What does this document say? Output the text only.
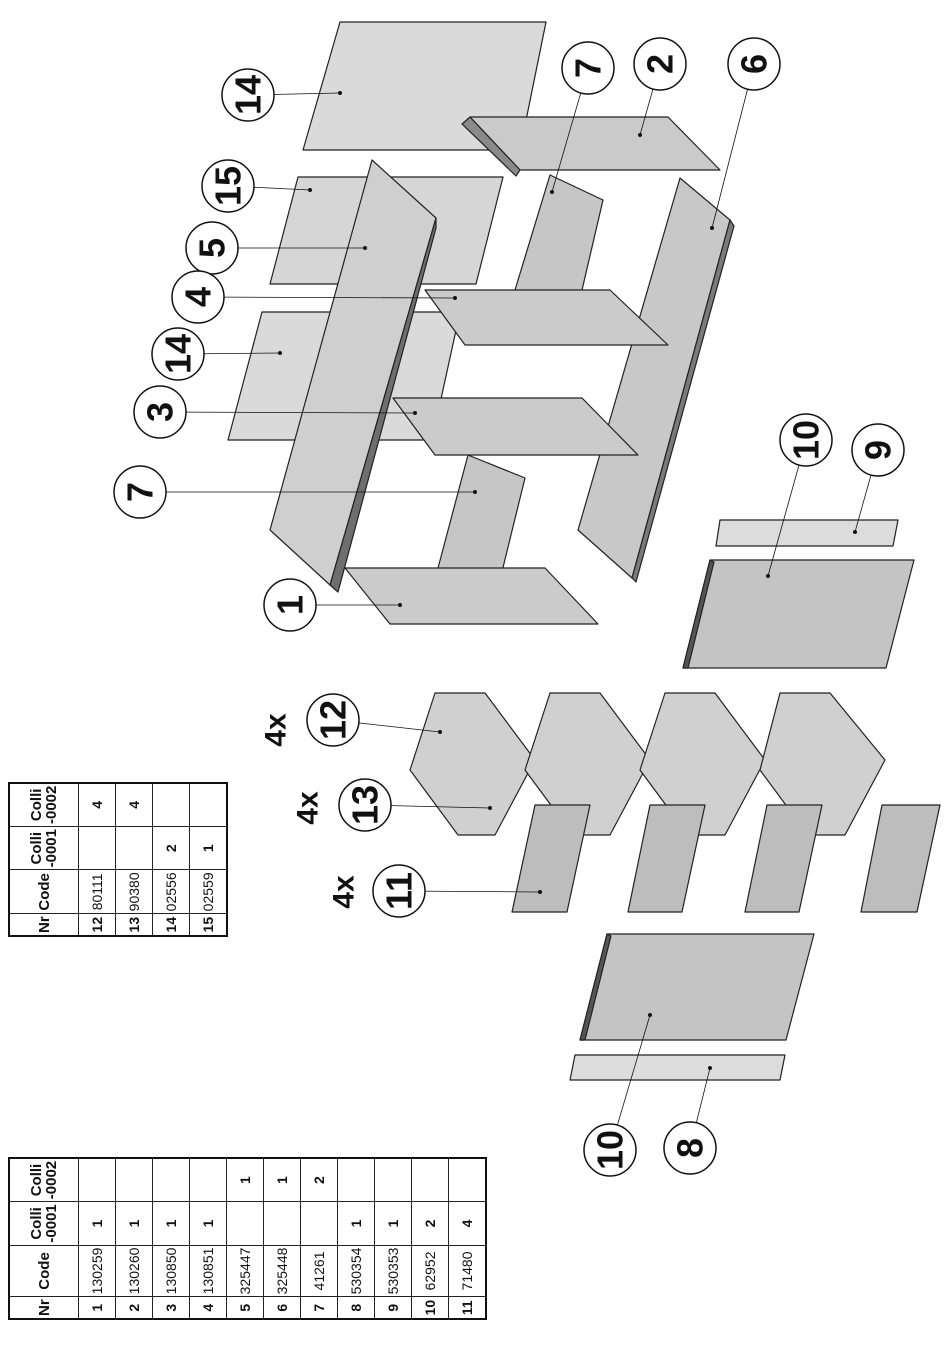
14
15
5
4
14
3
7
1
7 2 6
10 9
12
13
11
10 8
4x
4x
4x
Nr	Code	Colli
-0001	Colli
-0002
1	130259	1	
2	130260	1	
3	130850	1	
4	130851	1	
5	325447		1
6	325448		1
7	41261		2
8	530354	1	
9	530353	1	
10	62952	2	
11	71480	4	
Nr	Code	Colli
-0001	Colli
-0002
12	80111		4
13	90380		4
14	02556	2	
15	02559	1	
